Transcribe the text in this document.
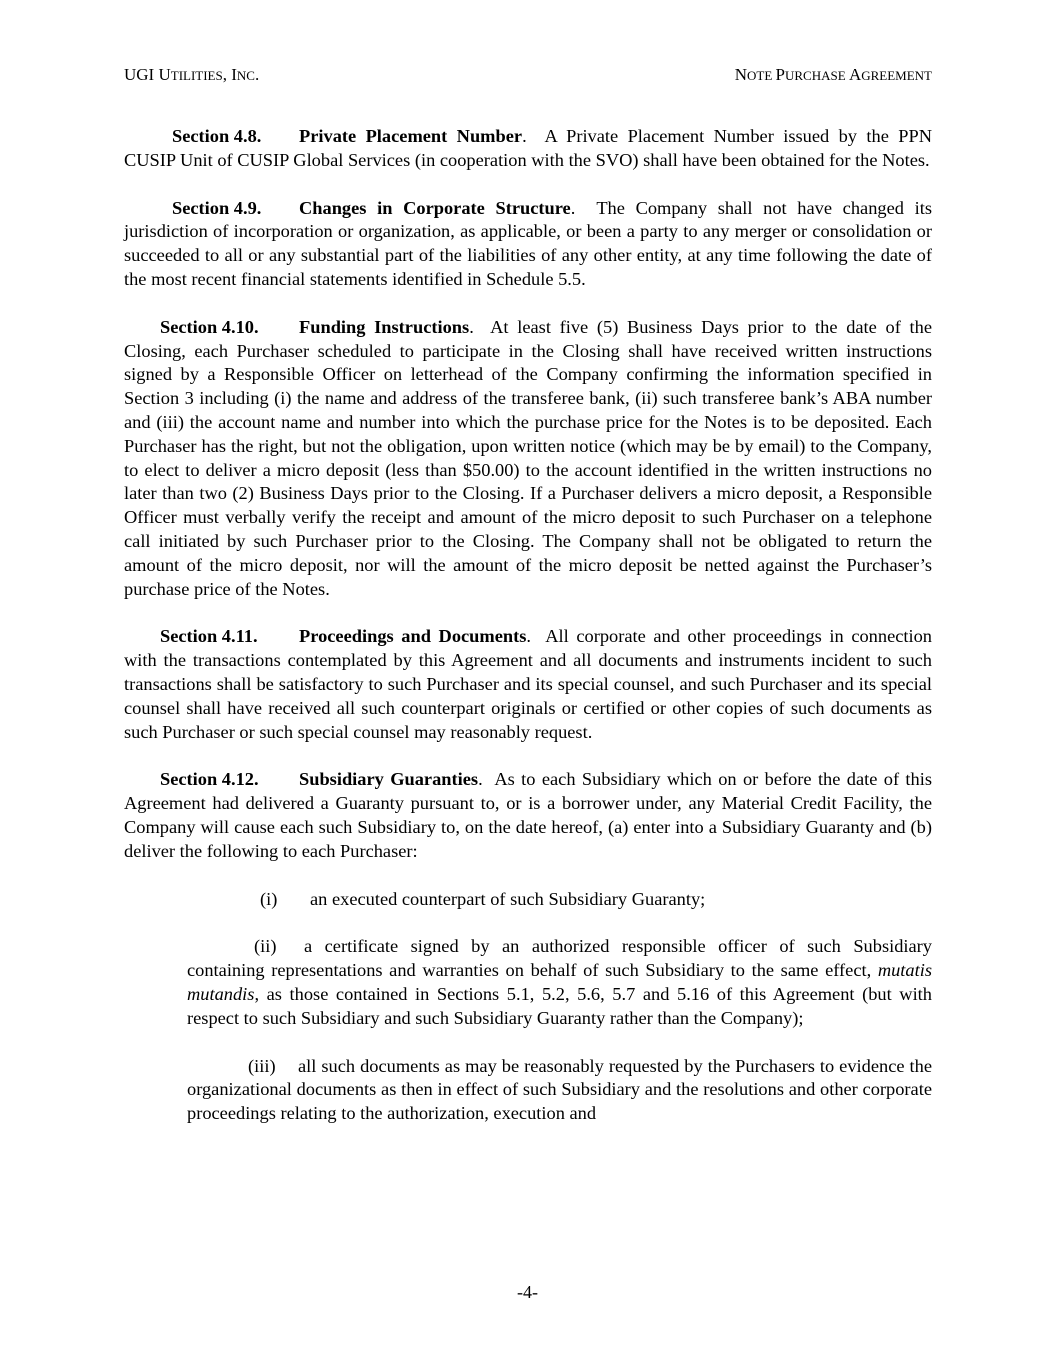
UGI UTILITIES, INC.	NOTE PURCHASE AGREEMENT

Section 4.8. Private Placement Number.  A Private Placement Number issued by the PPN CUSIP Unit of CUSIP Global Services (in cooperation with the SVO) shall have been obtained for the Notes.

Section 4.9. Changes in Corporate Structure.  The Company shall not have changed its jurisdiction of incorporation or organization, as applicable, or been a party to any merger or consolidation or succeeded to all or any substantial part of the liabilities of any other entity, at any time following the date of the most recent financial statements identified in Schedule 5.5.

Section 4.10. Funding Instructions.  At least five (5) Business Days prior to the date of the Closing, each Purchaser scheduled to participate in the Closing shall have received written instructions signed by a Responsible Officer on letterhead of the Company confirming the information specified in Section 3 including (i) the name and address of the transferee bank, (ii) such transferee bank’s ABA number and (iii) the account name and number into which the purchase price for the Notes is to be deposited. Each Purchaser has the right, but not the obligation, upon written notice (which may be by email) to the Company, to elect to deliver a micro deposit (less than $50.00) to the account identified in the written instructions no later than two (2) Business Days prior to the Closing. If a Purchaser delivers a micro deposit, a Responsible Officer must verbally verify the receipt and amount of the micro deposit to such Purchaser on a telephone call initiated by such Purchaser prior to the Closing. The Company shall not be obligated to return the amount of the micro deposit, nor will the amount of the micro deposit be netted against the Purchaser’s purchase price of the Notes.

Section 4.11. Proceedings and Documents.  All corporate and other proceedings in connection with the transactions contemplated by this Agreement and all documents and instruments incident to such transactions shall be satisfactory to such Purchaser and its special counsel, and such Purchaser and its special counsel shall have received all such counterpart originals or certified or other copies of such documents as such Purchaser or such special counsel may reasonably request.

Section 4.12. Subsidiary Guaranties.  As to each Subsidiary which on or before the date of this Agreement had delivered a Guaranty pursuant to, or is a borrower under, any Material Credit Facility, the Company will cause each such Subsidiary to, on the date hereof, (a) enter into a Subsidiary Guaranty and (b) deliver the following to each Purchaser:

(i) an executed counterpart of such Subsidiary Guaranty;

(ii) a certificate signed by an authorized responsible officer of such Subsidiary containing representations and warranties on behalf of such Subsidiary to the same effect, mutatis mutandis, as those contained in Sections 5.1, 5.2, 5.6, 5.7 and 5.16 of this Agreement (but with respect to such Subsidiary and such Subsidiary Guaranty rather than the Company);

(iii) all such documents as may be reasonably requested by the Purchasers to evidence the organizational documents as then in effect of such Subsidiary and the resolutions and other corporate proceedings relating to the authorization, execution and

-4-
